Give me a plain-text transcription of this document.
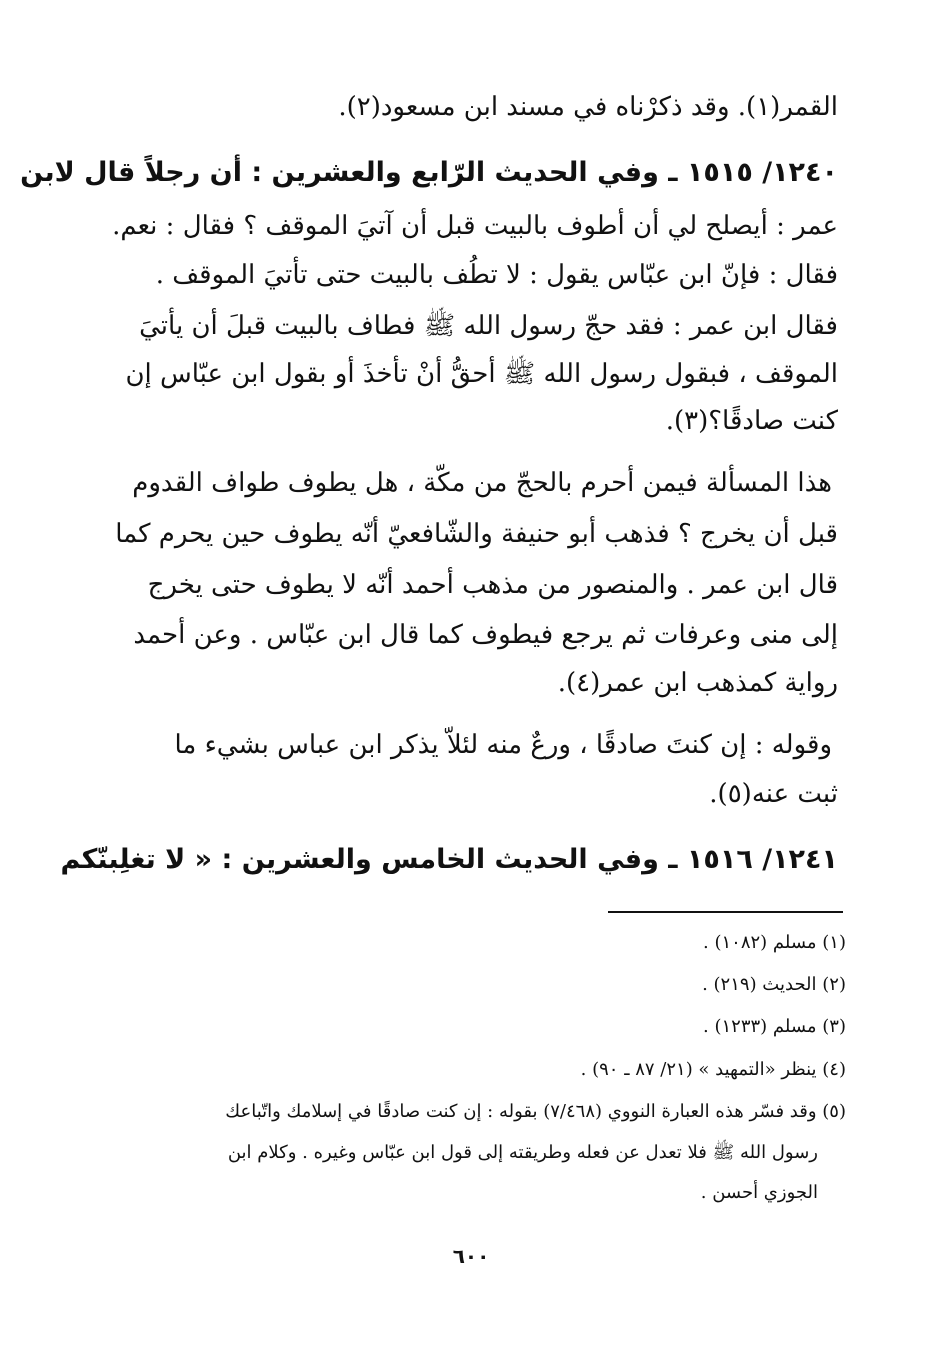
القمر(١). وقد ذكرْناه في مسند ابن مسعود(٢).
١٢٤٠/ ١٥١٥ ـ وفي الحديث الرّابع والعشرين : أن رجلاً قال لابن
عمر : أيصلح لي أن أطوف بالبيت قبل أن آتيَ الموقف ؟ فقال : نعم.
فقال : فإنّ ابن عبّاس يقول : لا تطُف بالبيت حتى تأتيَ الموقف .
فقال ابن عمر : فقد حجّ رسول الله ﷺ فطاف بالبيت قبلَ أن يأتيَ
الموقف ، فبقول رسول الله ﷺ أحقُّ أنْ تأخذَ أو بقول ابن عبّاس إن
كنت صادقًا؟(٣).
هذا المسألة فيمن أحرم بالحجّ من مكّة ، هل يطوف طواف القدوم
قبل أن يخرج ؟ فذهب أبو حنيفة والشّافعيّ أنّه يطوف حين يحرم كما
قال ابن عمر . والمنصور من مذهب أحمد أنّه لا يطوف حتى يخرج
إلى منى وعرفات ثم يرجع فيطوف كما قال ابن عبّاس . وعن أحمد
رواية كمذهب ابن عمر(٤).
وقوله : إن كنتَ صادقًا ، ورعٌ منه لئلاّ يذكر ابن عباس بشيء ما
ثبت عنه(٥).
١٢٤١/ ١٥١٦ ـ وفي الحديث الخامس والعشرين : « لا تغلِبنّكم
(١) مسلم (١٠٨٢) .
(٢) الحديث (٢١٩) .
(٣) مسلم (١٢٣٣) .
(٤) ينظر «التمهيد » (٢١/ ٨٧ ـ ٩٠) .
(٥) وقد فسّر هذه العبارة النووي (٧/٤٦٨) بقوله : إن كنت صادقًا في إسلامك واتّباعك
رسول الله ﷺ فلا تعدل عن فعله وطريقته إلى قول ابن عبّاس وغيره . وكلام ابن
الجوزي أحسن .
٦٠٠
